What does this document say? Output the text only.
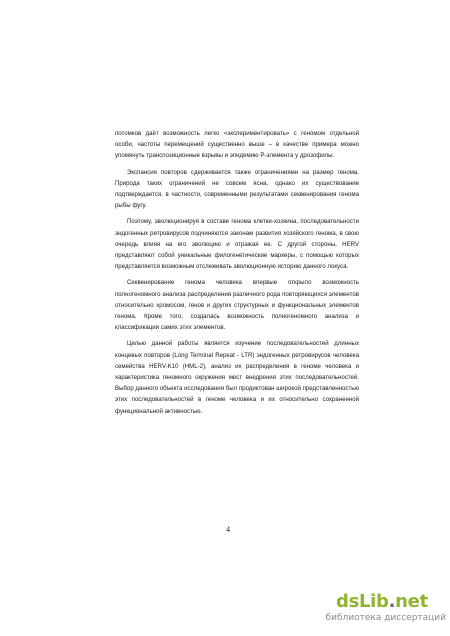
потомков даёт возможность легко «экспериментировать» с геномом отдельной особи, частоты перемещений существенно выше – в качестве примера можно упомянуть транспозиционные взрывы и эпидемию P-элемента у дрозофилы.

Экспансия повторов сдерживается также ограничениями на размер генома. Природа таких ограничений не совсем ясна, однако их существование подтверждается, в частности, современными результатами секвенирования генома рыбы фугу.

Поэтому, эволюционируя в составе генома клетки-хозяина, последовательности эндогенных ретровирусов подчиняются законам развития хозяйского генома, в свою очередь влияя на его эволюцию и отражая ее. С другой стороны, HERV представляют собой уникальные филогенетические маркеры, с помощью которых представляется возможным отслеживать эволюционную историю данного локуса.

Секвенирование генома человека впервые открыло возможность полногеномного анализа распределения различного рода повторяющихся элементов относительно хромосом, генов и других структурных и функциональных элементов генома. Кроме того, создалась возможность полногеномного анализа и классификации самих этих элементов.

Целью данной работы является изучение последовательностей длинных концевых повторов (Long Terminal Repeat - LTR) эндогенных ретровирусов человека семейства HERV-K10 (HML-2), анализ их распределения в геноме человека и характеристика геномного окружения мест внедрения этих последовательностей. Выбор данного объекта исследования был продиктован широкой представленностью этих последовательностей в геноме человека и их относительно сохраненной функциональной активностью.

4
dsLib.net
библиотека диссертаций
